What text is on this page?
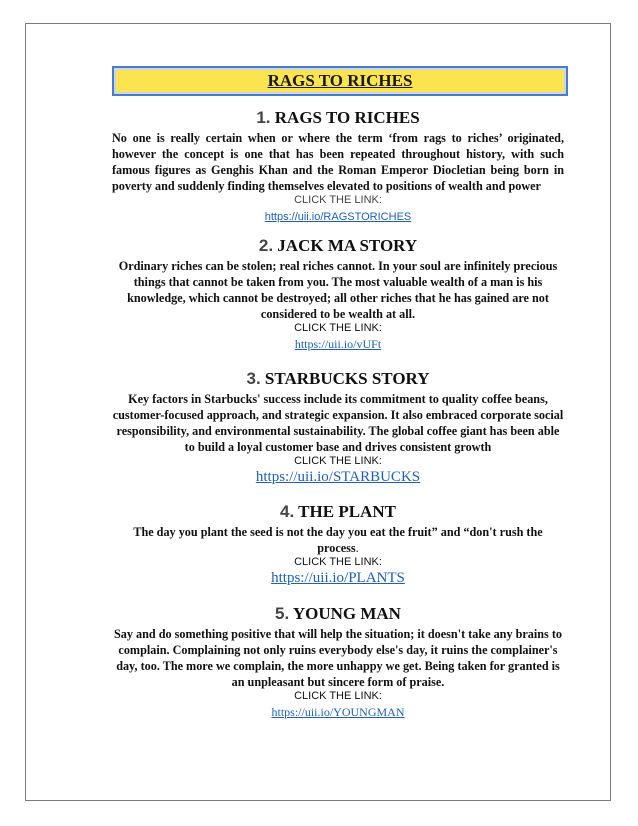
RAGS TO RICHES
1. RAGS TO RICHES
No one is really certain when or where the term ‘from rags to riches’ originated, however the concept is one that has been repeated throughout history, with such famous figures as Genghis Khan and the Roman Emperor Diocletian being born in poverty and suddenly finding themselves elevated to positions of wealth and power
CLICK THE LINK:
https://uii.io/RAGSTORICHES
2. JACK MA STORY
Ordinary riches can be stolen; real riches cannot. In your soul are infinitely precious things that cannot be taken from you. The most valuable wealth of a man is his knowledge, which cannot be destroyed; all other riches that he has gained are not considered to be wealth at all.
CLICK THE LINK:
https://uii.io/vUFt
3. STARBUCKS STORY
Key factors in Starbucks' success include its commitment to quality coffee beans, customer-focused approach, and strategic expansion. It also embraced corporate social responsibility, and environmental sustainability. The global coffee giant has been able to build a loyal customer base and drives consistent growth
CLICK THE LINK:
https://uii.io/STARBUCKS
4. THE PLANT
The day you plant the seed is not the day you eat the fruit” and “don't rush the process.
CLICK THE LINK:
https://uii.io/PLANTS
5. YOUNG MAN
Say and do something positive that will help the situation; it doesn't take any brains to complain. Complaining not only ruins everybody else's day, it ruins the complainer's day, too. The more we complain, the more unhappy we get. Being taken for granted is an unpleasant but sincere form of praise.
CLICK THE LINK:
https://uii.io/YOUNGMAN
